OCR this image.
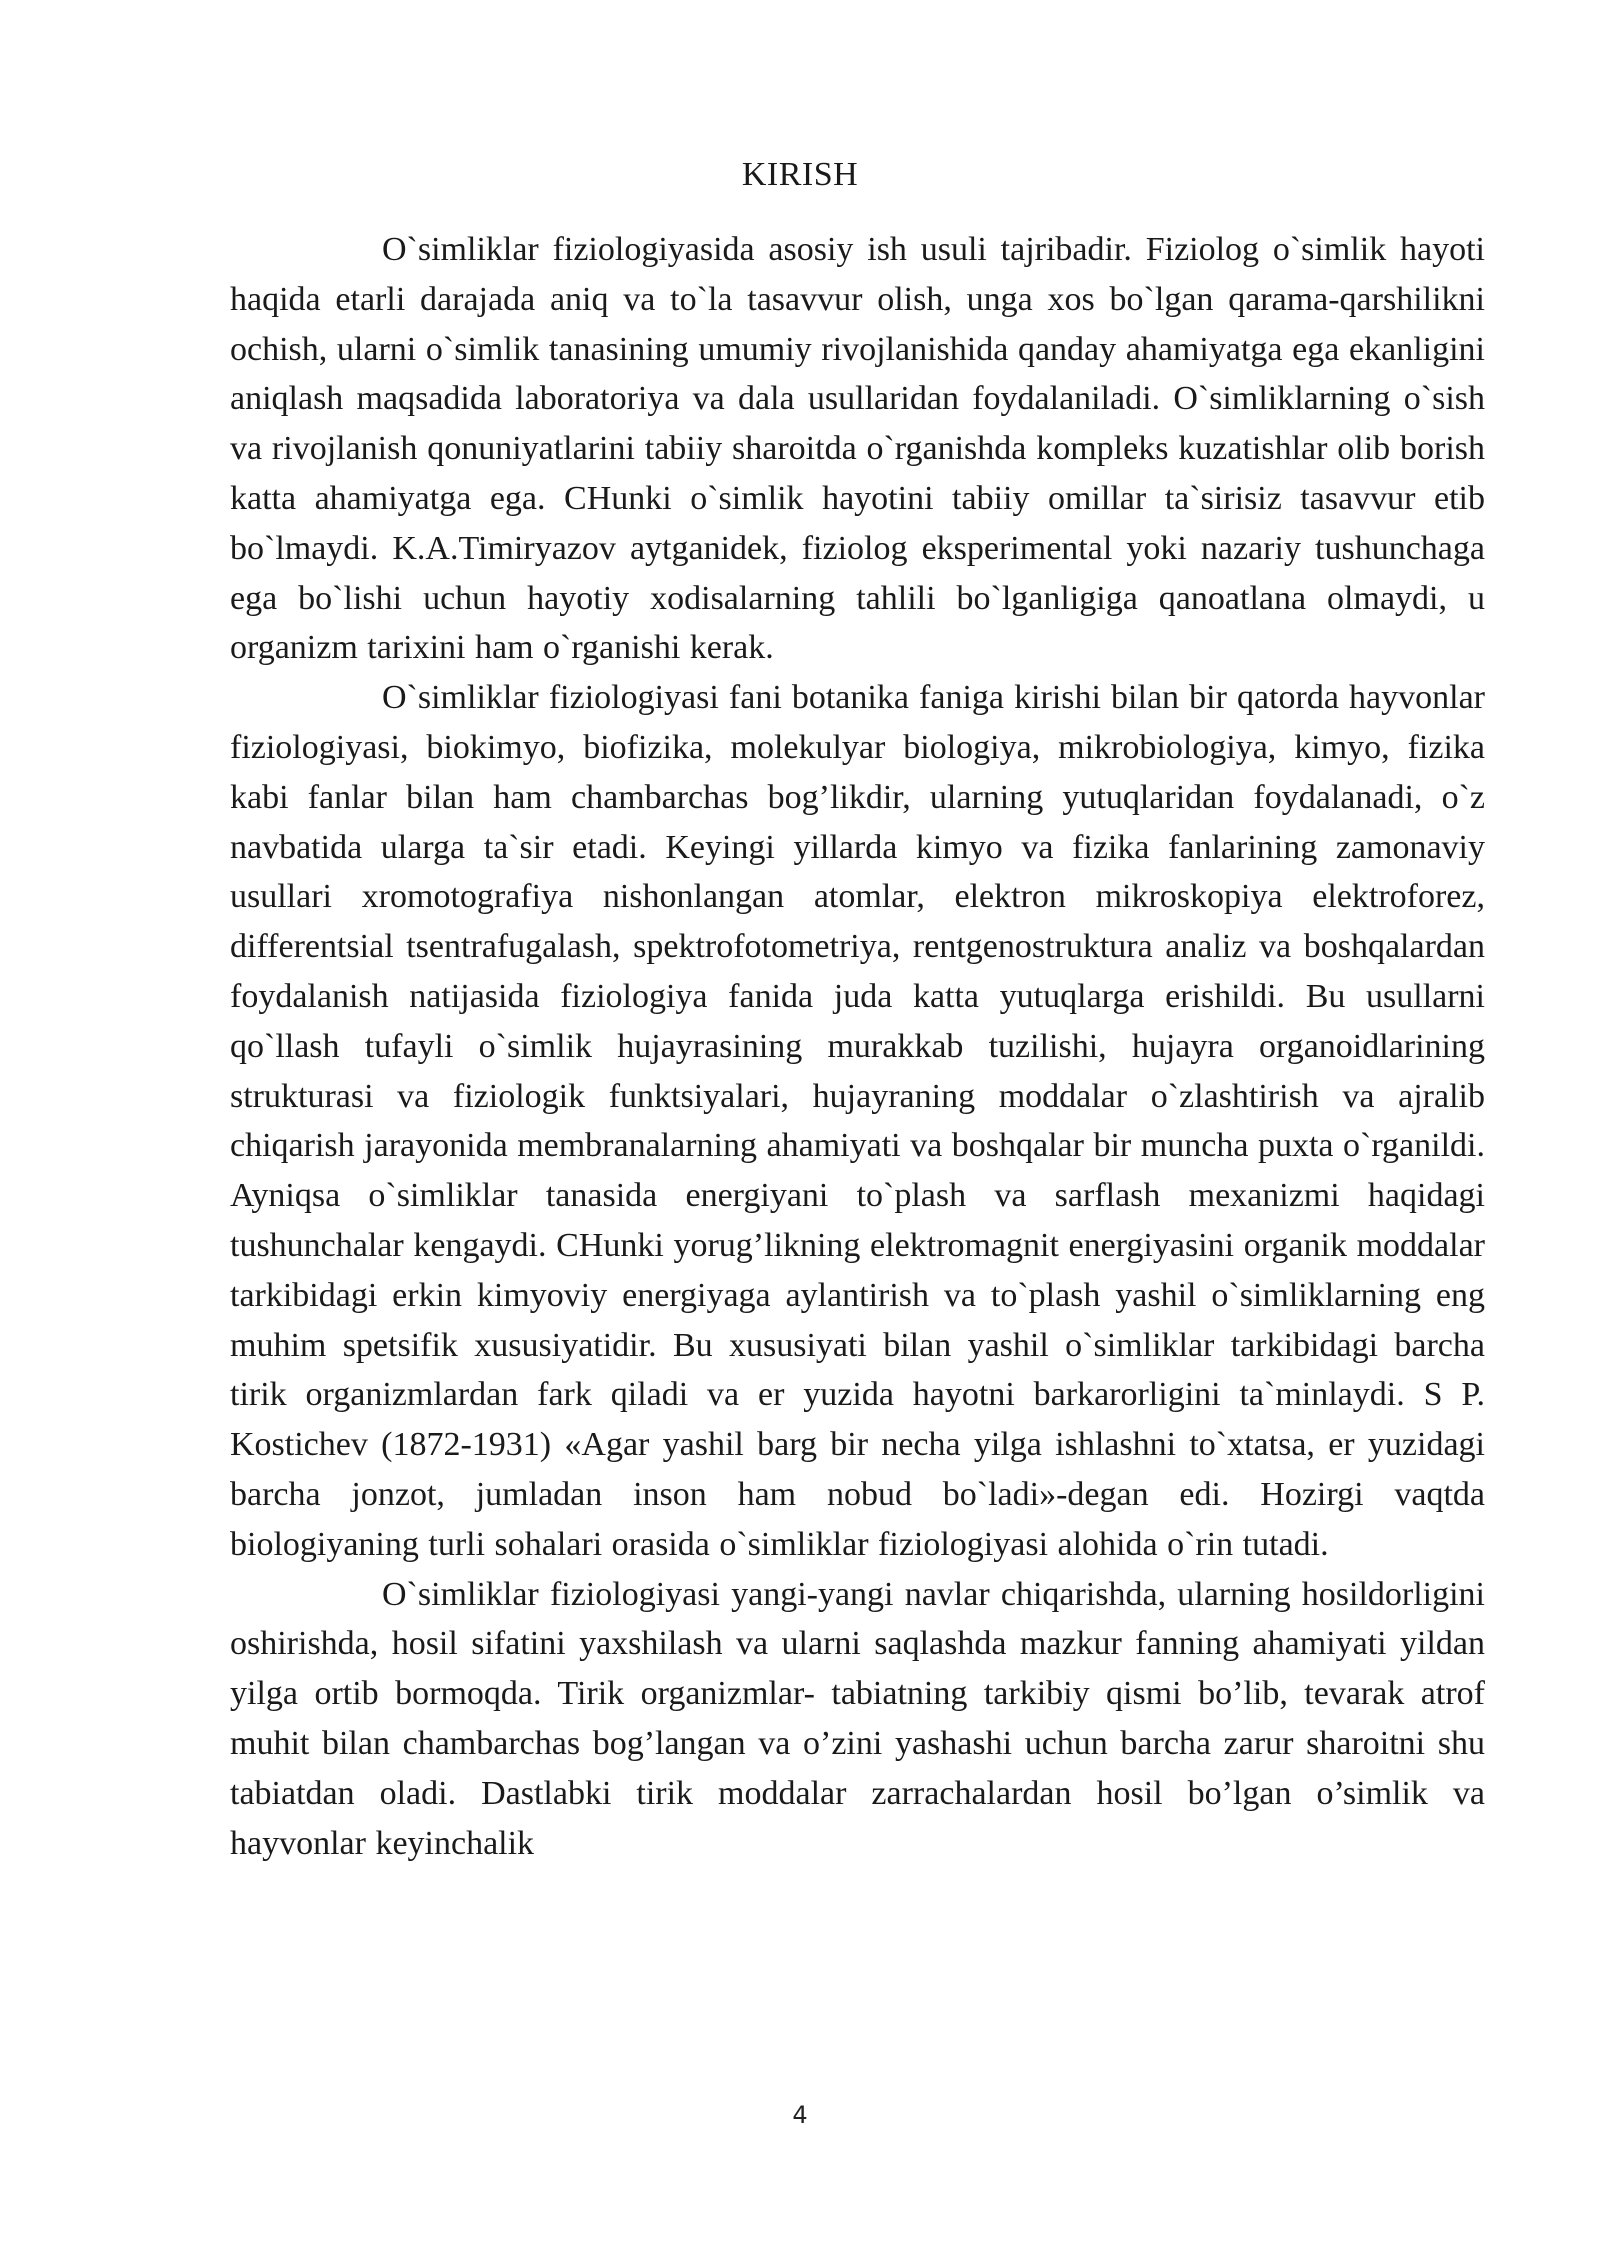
KIRISH

O`simliklar fiziologiyasida asosiy ish usuli tajribadir. Fiziolog o`simlik hayoti haqida etarli darajada aniq va to`la tasavvur olish, unga xos bo`lgan qarama-qarshilikni ochish, ularni o`simlik tanasining umumiy rivojlanishida qanday ahamiyatga ega ekanligini aniqlash maqsadida laboratoriya va dala usullaridan foydalaniladi. O`simliklarning o`sish va rivojlanish qonuniyatlarini tabiiy sharoitda o`rganishda kompleks kuzatishlar olib borish katta ahamiyatga ega. CHunki o`simlik hayotini tabiiy omillar ta`sirisiz tasavvur etib bo`lmaydi. K.A.Timiryazov aytganidek, fiziolog eksperimental yoki nazariy tushunchaga ega bo`lishi uchun hayotiy xodisalarning tahlili bo`lganligiga qanoatlana olmaydi, u organizm tarixini ham o`rganishi kerak.

O`simliklar fiziologiyasi fani botanika faniga kirishi bilan bir qatorda hayvonlar fiziologiyasi, biokimyo, biofizika, molekulyar biologiya, mikrobiologiya, kimyo, fizika kabi fanlar bilan ham chambarchas bog’likdir, ularning yutuqlaridan foydalanadi, o`z navbatida ularga ta`sir etadi. Keyingi yillarda kimyo va fizika fanlarining zamonaviy usullari xromotografiya nishonlangan atomlar, elektron mikroskopiya elektroforez, differentsial tsentrafugalash, spektrofotometriya, rentgenostruktura analiz va boshqalardan foydalanish natijasida fiziologiya fanida juda katta yutuqlarga erishildi. Bu usullarni qo`llash tufayli o`simlik hujayrasining murakkab tuzilishi, hujayra organoidlarining strukturasi va fiziologik funktsiyalari, hujayraning moddalar o`zlashtirish va ajralib chiqarish jarayonida membranalarning ahamiyati va boshqalar bir muncha puxta o`rganildi. Ayniqsa o`simliklar tanasida energiyani to`plash va sarflash mexanizmi haqidagi tushunchalar kengaydi. CHunki yorug’likning elektromagnit energiyasini organik moddalar tarkibidagi erkin kimyoviy energiyaga aylantirish va to`plash yashil o`simliklarning eng muhim spetsifik xususiyatidir. Bu xususiyati bilan yashil o`simliklar tarkibidagi barcha tirik organizmlardan fark qiladi va er yuzida hayotni barkarorligini ta`minlaydi. S P. Kostichev (1872-1931) «Agar yashil barg bir necha yilga ishlashni to`xtatsa, er yuzidagi barcha jonzot, jumladan inson ham nobud bo`ladi»-degan edi. Hozirgi vaqtda biologiyaning turli sohalari orasida o`simliklar fiziologiyasi alohida o`rin tutadi.

O`simliklar fiziologiyasi yangi-yangi navlar chiqarishda, ularning hosildorligini oshirishda, hosil sifatini yaxshilash va ularni saqlashda mazkur fanning ahamiyati yildan yilga ortib bormoqda. Tirik organizmlar- tabiatning tarkibiy qismi bo’lib, tevarak atrof muhit bilan chambarchas bog’langan va o’zini yashashi uchun barcha zarur sharoitni shu tabiatdan oladi. Dastlabki tirik moddalar zarrachalardan hosil bo’lgan o’simlik va hayvonlar keyinchalik

4
